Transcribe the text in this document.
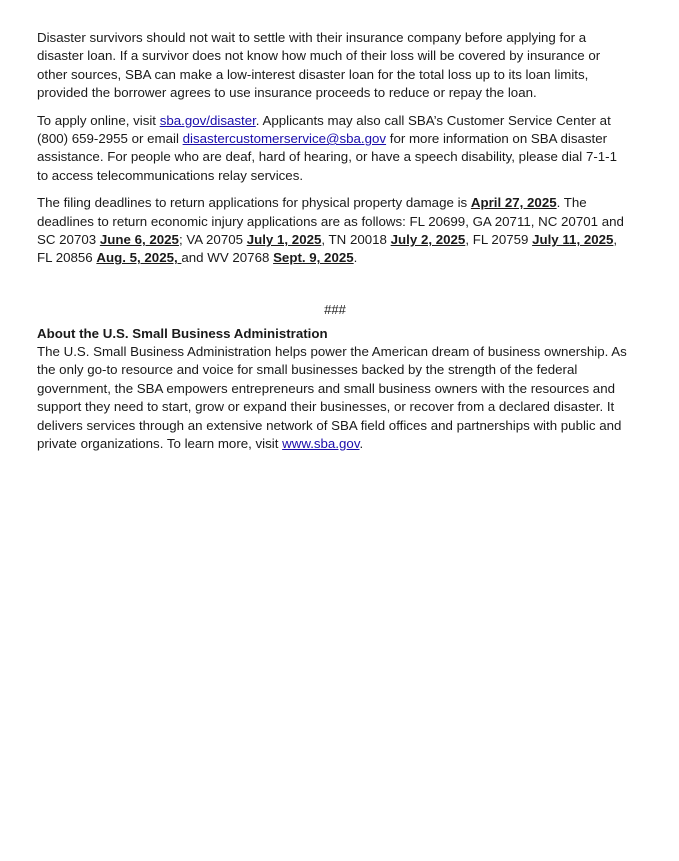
Disaster survivors should not wait to settle with their insurance company before applying for a disaster loan. If a survivor does not know how much of their loss will be covered by insurance or other sources, SBA can make a low-interest disaster loan for the total loss up to its loan limits, provided the borrower agrees to use insurance proceeds to reduce or repay the loan.

To apply online, visit sba.gov/disaster. Applicants may also call SBA’s Customer Service Center at (800) 659-2955 or email disastercustomerservice@sba.gov for more information on SBA disaster assistance. For people who are deaf, hard of hearing, or have a speech disability, please dial 7-1-1 to access telecommunications relay services.

The filing deadlines to return applications for physical property damage is April 27, 2025. The deadlines to return economic injury applications are as follows: FL 20699, GA 20711, NC 20701 and SC 20703 June 6, 2025; VA 20705 July 1, 2025, TN 20018 July 2, 2025, FL 20759 July 11, 2025, FL 20856 Aug. 5, 2025, and WV 20768 Sept. 9, 2025.

###

About the U.S. Small Business Administration

The U.S. Small Business Administration helps power the American dream of business ownership. As the only go-to resource and voice for small businesses backed by the strength of the federal government, the SBA empowers entrepreneurs and small business owners with the resources and support they need to start, grow or expand their businesses, or recover from a declared disaster. It delivers services through an extensive network of SBA field offices and partnerships with public and private organizations. To learn more, visit www.sba.gov.
